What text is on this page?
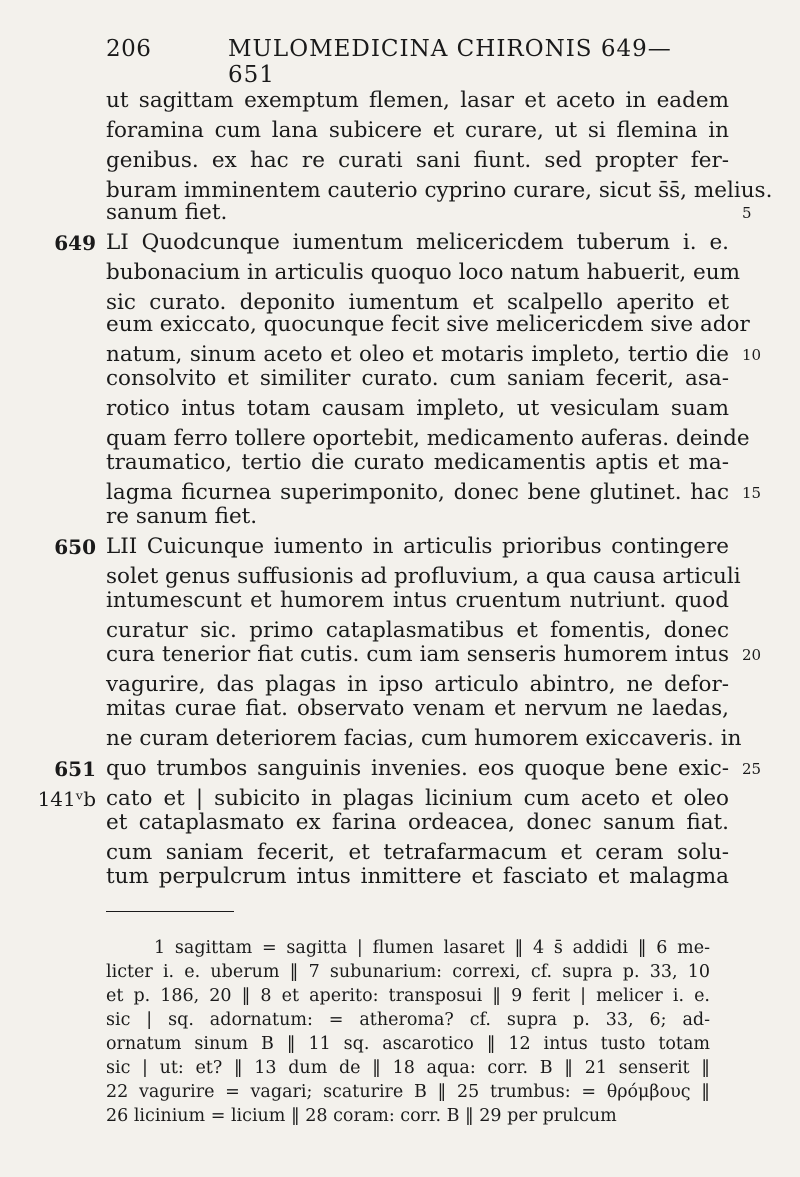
206	MULOMEDICINA CHIRONIS 649—651
ut sagittam exemptum flemen, lasar et aceto in eadem
foramina cum lana subicere et curare, ut si flemina in
genibus. ex hac re curati sani fiunt. sed propter fer-
buram imminentem cauterio cyprino curare, sicut s̄s̄, melius.
sanum fiet.
LI Quodcunque iumentum melicericdem tuberum i. e.
bubonacium in articulis quoquo loco natum habuerit, eum
sic curato. deponito iumentum et scalpello aperito et
eum exiccato, quocunque fecit sive melicericdem sive ador
natum, sinum aceto et oleo et motaris impleto, tertio die
consolvito et similiter curato. cum saniam fecerit, asa-
rotico intus totam causam impleto, ut vesiculam suam
quam ferro tollere oportebit, medicamento auferas. deinde
traumatico, tertio die curato medicamentis aptis et ma-
lagma ficurnea superimponito, donec bene glutinet. hac
re sanum fiet.
LII Cuicunque iumento in articulis prioribus contingere
solet genus suffusionis ad profluvium, a qua causa articuli
intumescunt et humorem intus cruentum nutriunt. quod
curatur sic. primo cataplasmatibus et fomentis, donec
cura tenerior fiat cutis. cum iam senseris humorem intus
vagurire, das plagas in ipso articulo abintro, ne defor-
mitas curae fiat. observato venam et nervum ne laedas,
ne curam deteriorem facias, cum humorem exiccaveris. in
quo trumbos sanguinis invenies. eos quoque bene exic-
cato et | subicito in plagas licinium cum aceto et oleo
et cataplasmato ex farina ordeacea, donec sanum fiat.
cum saniam fecerit, et tetrafarmacum et ceram solu-
tum perpulcrum intus inmittere et fasciato et malagma
649
650
651
141ᵛb
5
10
15
20
25
1 sagittam = sagitta | flumen lasaret ‖ 4 s̄ addidi ‖ 6 me-
licter i. e. uberum ‖ 7 subunarium: correxi, cf. supra p. 33, 10
et p. 186, 20 ‖ 8 et aperito: transposui ‖ 9 ferit | melicer i. e.
sic | sq. adornatum: = atheroma? cf. supra p. 33, 6; ad-
ornatum sinum B ‖ 11 sq. ascarotico ‖ 12 intus tusto totam
sic | ut: et? ‖ 13 dum de ‖ 18 aqua: corr. B ‖ 21 senserit ‖
22 vagurire = vagari; scaturire B ‖ 25 trumbus: = θρόμβους ‖
26 licinium = licium ‖ 28 coram: corr. B ‖ 29 per prulcum
